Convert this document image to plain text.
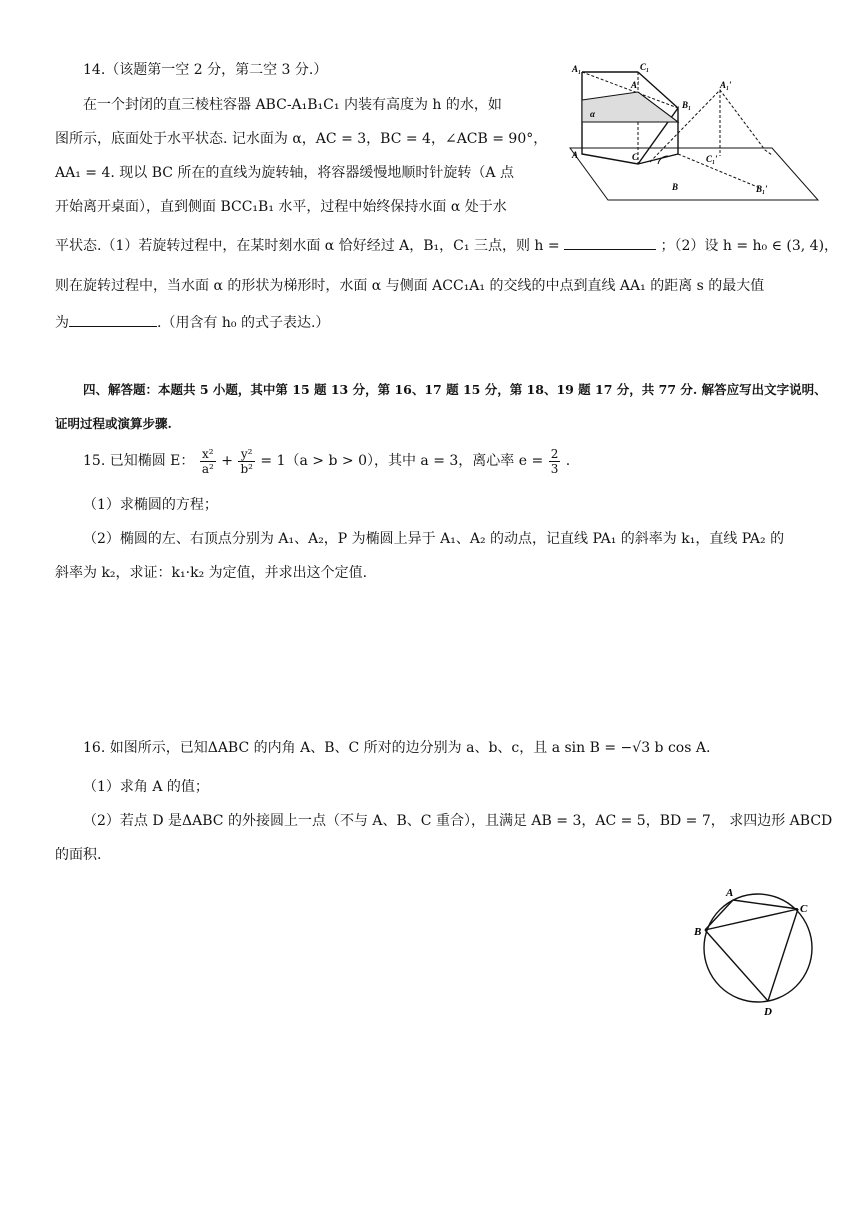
14.（该题第一空 2 分，第二空 3 分.）
在一个封闭的直三棱柱容器 ABC-A₁B₁C₁ 内装有高度为 h 的水，如
图所示，底面处于水平状态. 记水面为 α，AC = 3，BC = 4，∠ACB = 90°，
AA₁ = 4. 现以 BC 所在的直线为旋转轴，将容器缓慢地顺时针旋转（A 点
开始离开桌面），直到侧面 BCC₁B₁ 水平，过程中始终保持水面 α 处于水
平状态.（1）若旋转过程中，在某时刻水面 α 恰好经过 A，B₁，C₁ 三点，则 h =	；（2）设 h = h₀ ∈ (3, 4)，
则在旋转过程中，当水面 α 的形状为梯形时，水面 α 与侧面 ACC₁A₁ 的交线的中点到直线 AA₁ 的距离 s 的最大值
为	.（用含有 h₀ 的式子表达.）
A₁	C₁
A₁′
A′
B₁
α
A	C	C₁′
B	B₁′
四、解答题：本题共 5 小题，其中第 15 题 13 分，第 16、17 题 15 分，第 18、19 题 17 分，共 77 分. 解答应写出文字说明、
证明过程或演算步骤.
15. 已知椭圆 E： $\frac{\text{x²}}{\text{a²}} + \frac{\text{y²}}{\text{b²}} = 1(a > b > 0)$，其中 a = 3，离心率 $e = \frac{2}{3}$ .
（1）求椭圆的方程；
（2）椭圆的左、右顶点分别为 A₁、A₂，P 为椭圆上异于 A₁、A₂ 的动点，记直线 PA₁ 的斜率为 k₁，直线 PA₂ 的
斜率为 k₂，求证：k₁·k₂ 为定值，并求出这个定值.
16. 如图所示，已知ΔABC 的内角 A、B、C 所对的边分别为 a、b、c，且 a sin B = −√3 b cos A.
（1）求角 A 的值；
（2）若点 D 是ΔABC 的外接圆上一点（不与 A、B、C 重合），且满足 AB = 3，AC = 5，BD = 7， 求四边形 ABCD
的面积.
A
B
C
D
